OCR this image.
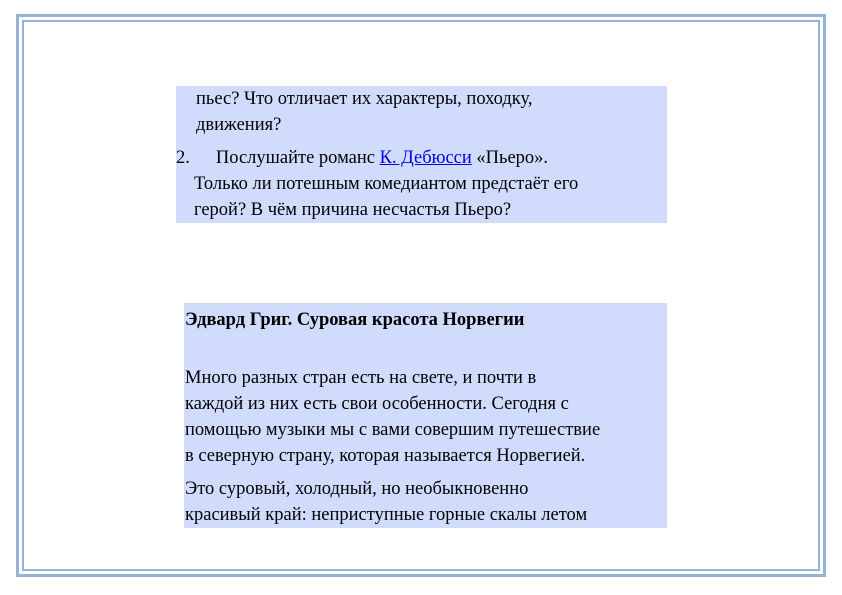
пьес? Что отличает их характеры, походку,
движения?
2. Послушайте романс К. Дебюсси «Пьеро».
Только ли потешным комедиантом предстаёт его
герой? В чём причина несчастья Пьеро?
Эдвард Григ. Суровая красота Норвегии
Много разных стран есть на свете, и почти в
каждой из них есть свои особенности. Сегодня с
помощью музыки мы с вами совершим путешествие
в северную страну, которая называется Норвегией.
Это суровый, холодный, но необыкновенно
красивый край: неприступные горные скалы летом
